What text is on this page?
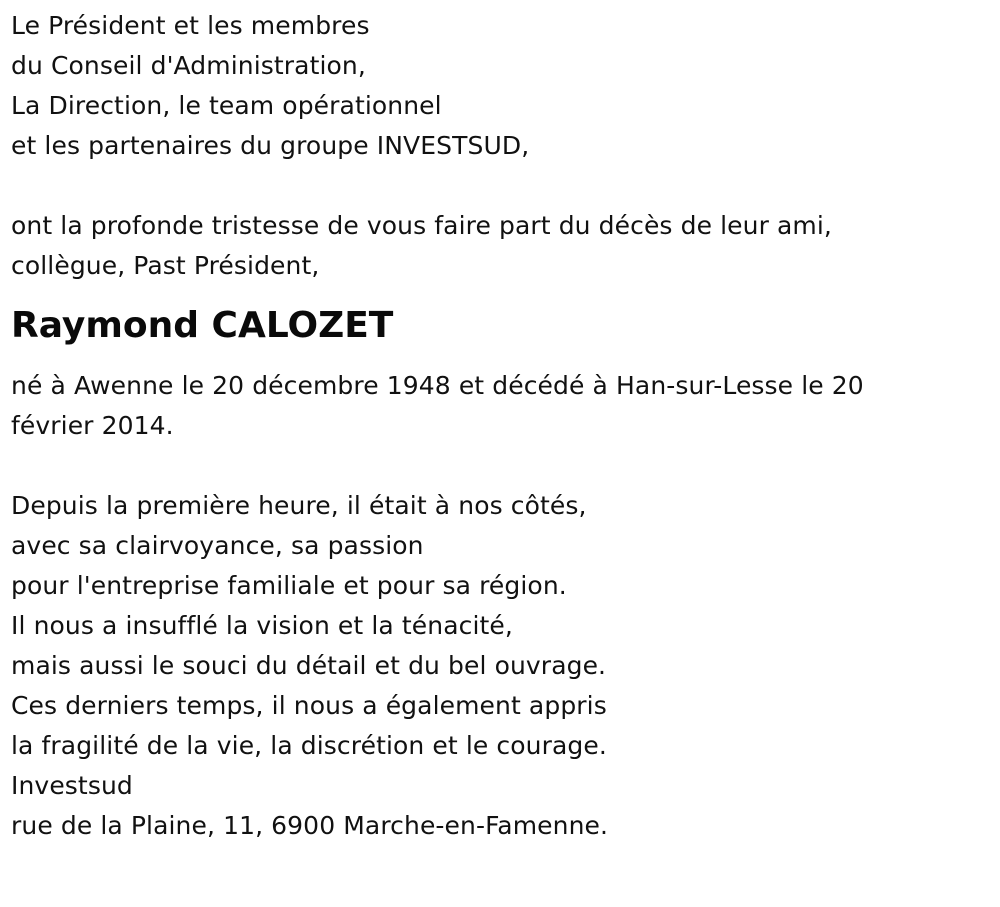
Le Président et les membres
du Conseil d'Administration,
La Direction, le team opérationnel
et les partenaires du groupe INVESTSUD,
ont la profonde tristesse de vous faire part du décès de leur ami,
collègue, Past Président,
Raymond CALOZET
né à Awenne le 20 décembre 1948 et décédé à Han-sur-Lesse le 20
février 2014.
Depuis la première heure, il était à nos côtés,
avec sa clairvoyance, sa passion
pour l'entreprise familiale et pour sa région.
Il nous a insufflé la vision et la ténacité,
mais aussi le souci du détail et du bel ouvrage.
Ces derniers temps, il nous a également appris
la fragilité de la vie, la discrétion et le courage.
Investsud
rue de la Plaine, 11, 6900 Marche-en-Famenne.
